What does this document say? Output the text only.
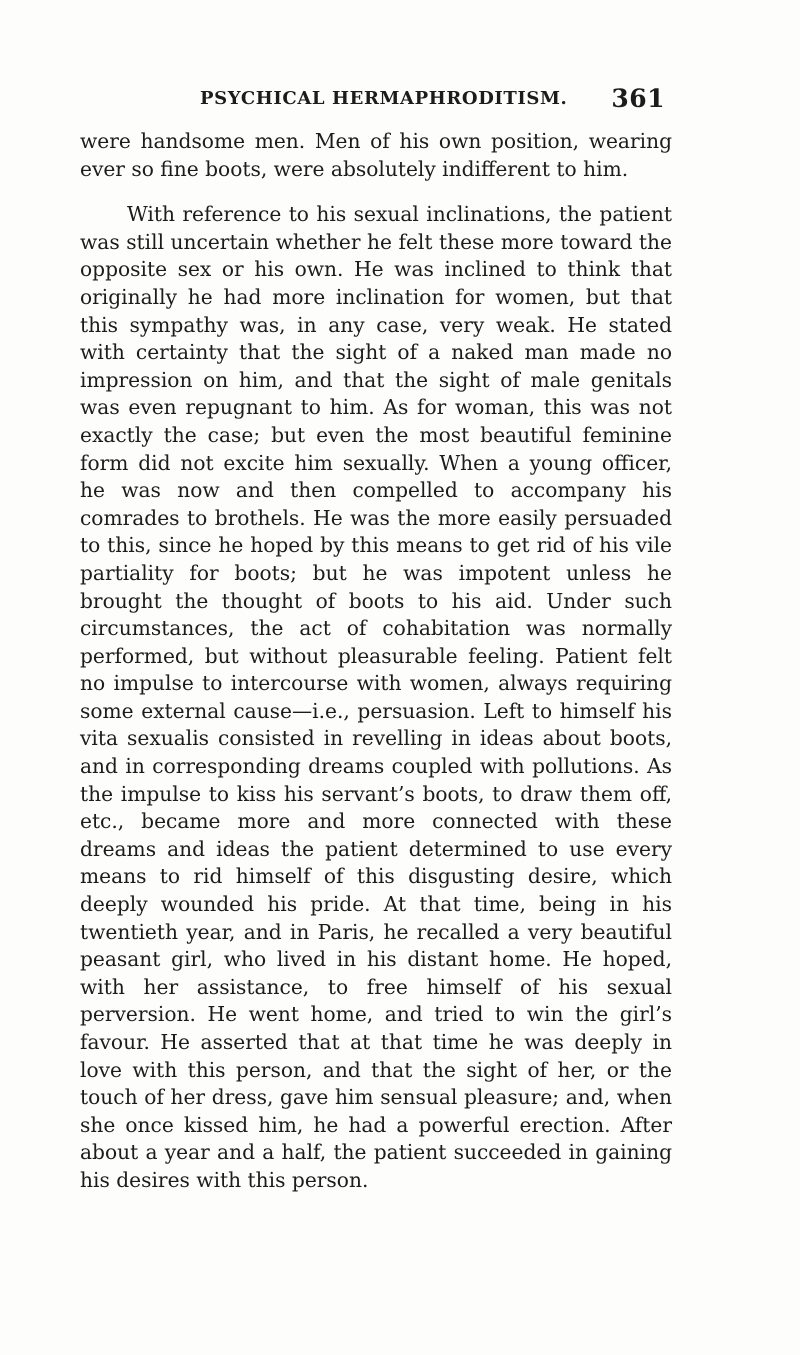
PSYCHICAL HERMAPHRODITISM. 361

were handsome men. Men of his own position, wearing ever so fine boots, were absolutely indifferent to him.

With reference to his sexual inclinations, the patient was still uncertain whether he felt these more toward the opposite sex or his own. He was inclined to think that originally he had more inclination for women, but that this sympathy was, in any case, very weak. He stated with certainty that the sight of a naked man made no impression on him, and that the sight of male genitals was even repugnant to him. As for woman, this was not exactly the case; but even the most beautiful feminine form did not excite him sexually. When a young officer, he was now and then compelled to accompany his comrades to brothels. He was the more easily persuaded to this, since he hoped by this means to get rid of his vile partiality for boots; but he was impotent unless he brought the thought of boots to his aid. Under such circumstances, the act of cohabitation was normally performed, but without pleasurable feeling. Patient felt no impulse to intercourse with women, always requiring some external cause—i.e., persuasion. Left to himself his vita sexualis consisted in revelling in ideas about boots, and in corresponding dreams coupled with pollutions. As the impulse to kiss his servant’s boots, to draw them off, etc., became more and more connected with these dreams and ideas the patient determined to use every means to rid himself of this disgusting desire, which deeply wounded his pride. At that time, being in his twentieth year, and in Paris, he recalled a very beautiful peasant girl, who lived in his distant home. He hoped, with her assistance, to free himself of his sexual perversion. He went home, and tried to win the girl’s favour. He asserted that at that time he was deeply in love with this person, and that the sight of her, or the touch of her dress, gave him sensual pleasure; and, when she once kissed him, he had a powerful erection. After about a year and a half, the patient succeeded in gaining his desires with this person.
